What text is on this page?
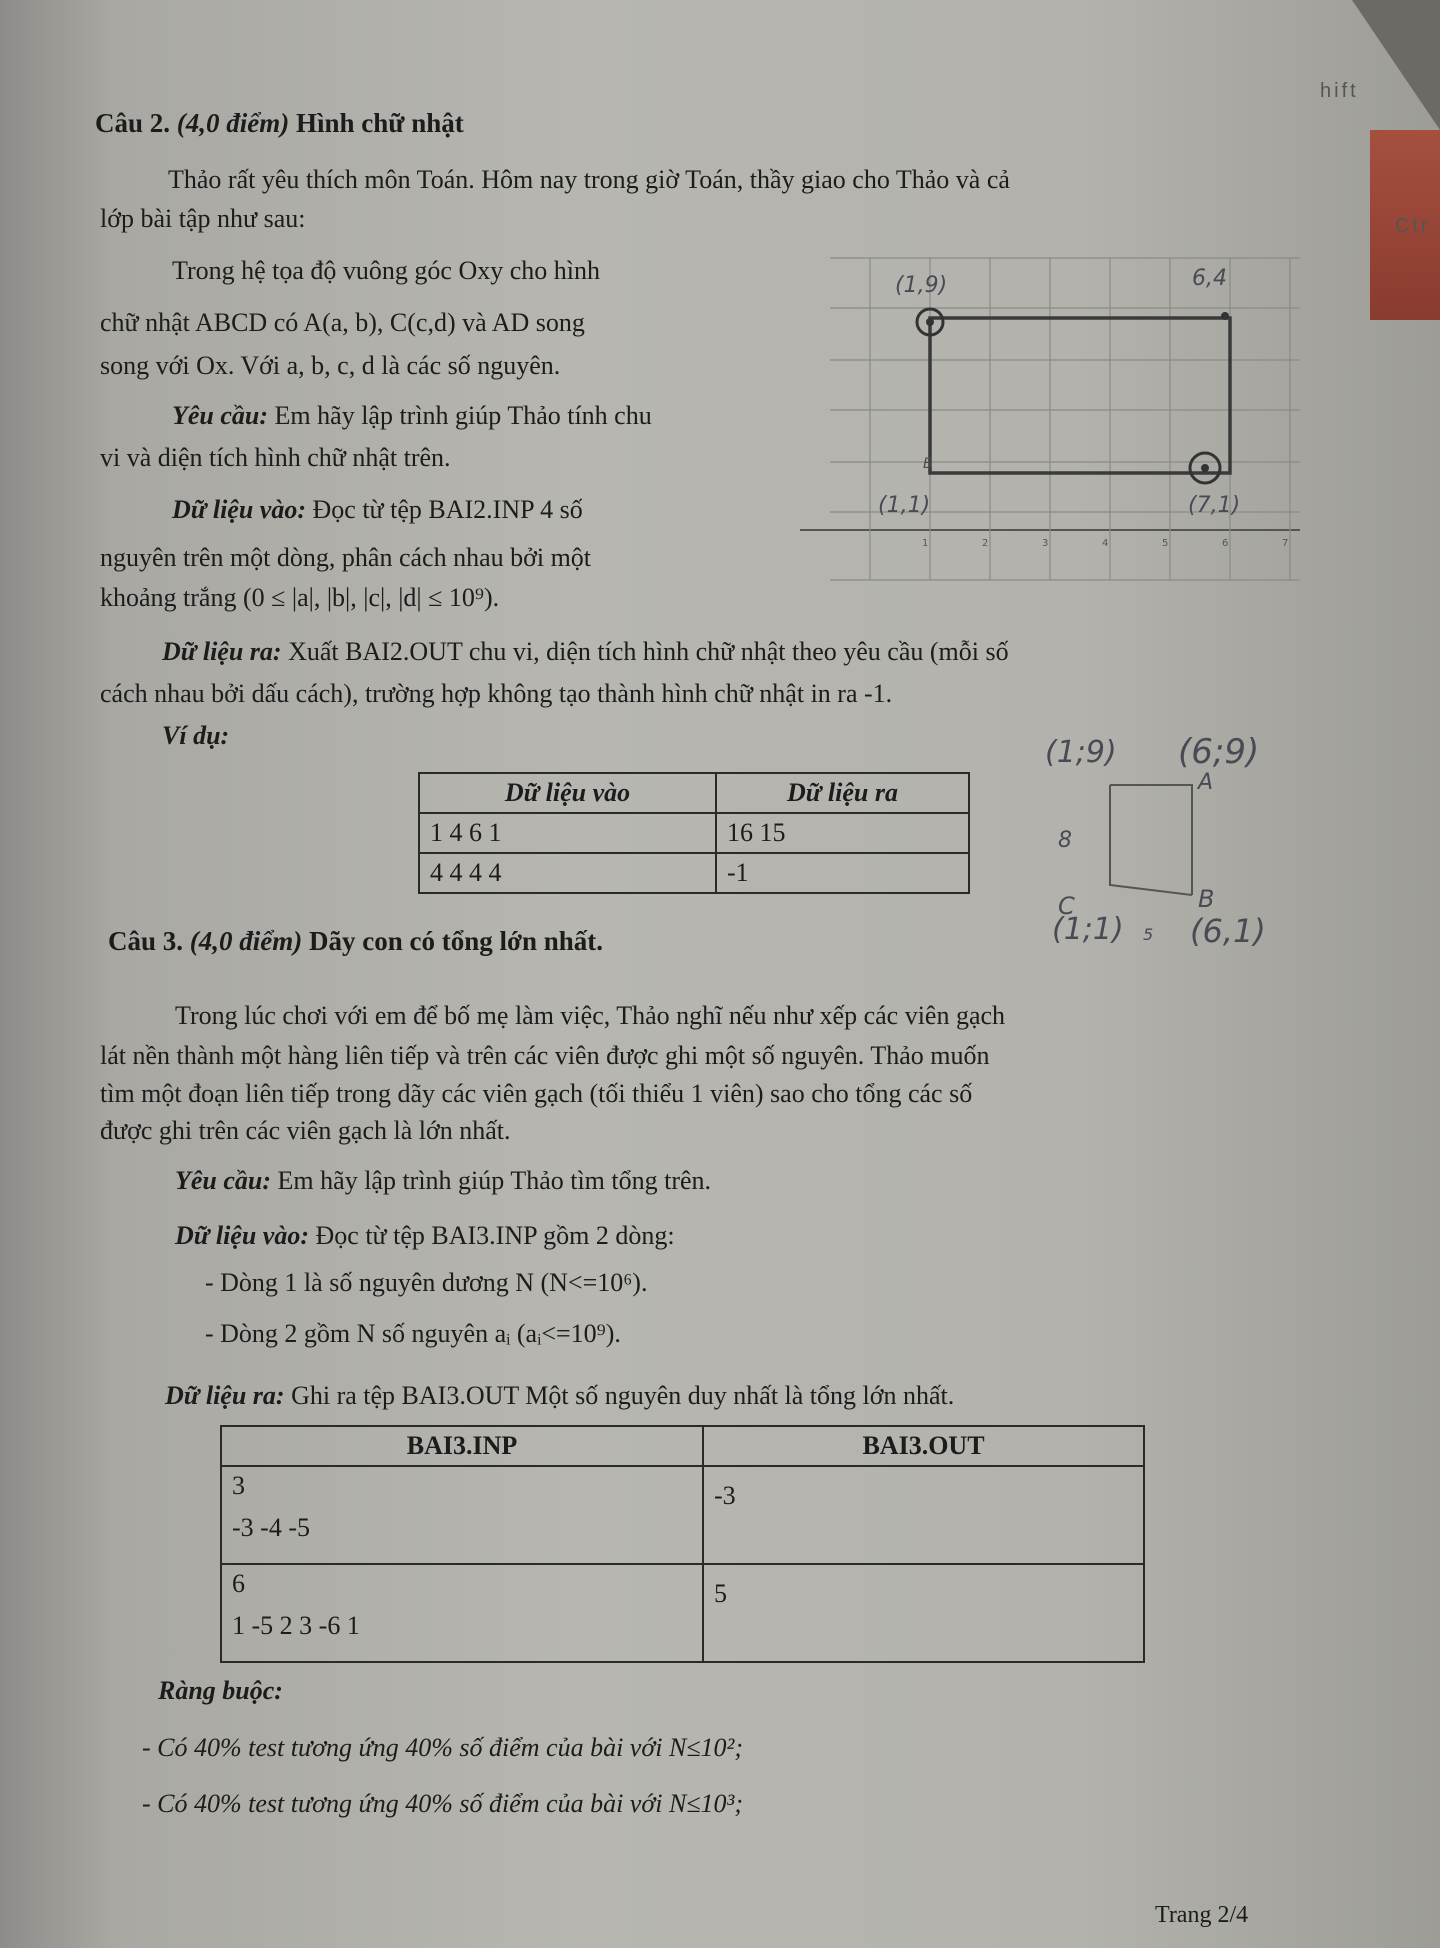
hift
Ctr
Câu 2. (4,0 điểm) Hình chữ nhật
Thảo rất yêu thích môn Toán. Hôm nay trong giờ Toán, thầy giao cho Thảo và cả
lớp bài tập như sau:
Trong hệ tọa độ vuông góc Oxy cho hình
chữ nhật ABCD có A(a, b), C(c,d) và AD song
song với Ox. Với a, b, c, d là các số nguyên.
Yêu cầu: Em hãy lập trình giúp Thảo tính chu
vi và diện tích hình chữ nhật trên.
Dữ liệu vào: Đọc từ tệp BAI2.INP 4 số
nguyên trên một dòng, phân cách nhau bởi một
khoảng trắng (0 ≤ |a|, |b|, |c|, |d| ≤ 10⁹).
(1,9)	6,4
B
(1,1)	(7,1)
1	2	3	4	5	6	7
Dữ liệu ra: Xuất BAI2.OUT chu vi, diện tích hình chữ nhật theo yêu cầu (mỗi số
cách nhau bởi dấu cách), trường hợp không tạo thành hình chữ nhật in ra -1.
Ví dụ:
Dữ liệu vào	Dữ liệu ra
1 4 6 1	16 15
4 4 4 4	-1
(1;9) (6;9)
A
8
C	B
(1;1) 5 (6,1)
Câu 3. (4,0 điểm) Dãy con có tổng lớn nhất.
Trong lúc chơi với em để bố mẹ làm việc, Thảo nghĩ nếu như xếp các viên gạch
lát nền thành một hàng liên tiếp và trên các viên được ghi một số nguyên. Thảo muốn
tìm một đoạn liên tiếp trong dãy các viên gạch (tối thiểu 1 viên) sao cho tổng các số
được ghi trên các viên gạch là lớn nhất.
Yêu cầu: Em hãy lập trình giúp Thảo tìm tổng trên.
Dữ liệu vào: Đọc từ tệp BAI3.INP gồm 2 dòng:
- Dòng 1 là số nguyên dương N (N<=10⁶).
- Dòng 2 gồm N số nguyên aᵢ (aᵢ<=10⁹).
Dữ liệu ra: Ghi ra tệp BAI3.OUT Một số nguyên duy nhất là tổng lớn nhất.
BAI3.INP	BAI3.OUT

3
-3 -4 -5	-3

6
1 -5 2 3 -6 1	5
Ràng buộc:
- Có 40% test tương ứng 40% số điểm của bài với N≤10²;
- Có 40% test tương ứng 40% số điểm của bài với N≤10³;
Trang 2/4
